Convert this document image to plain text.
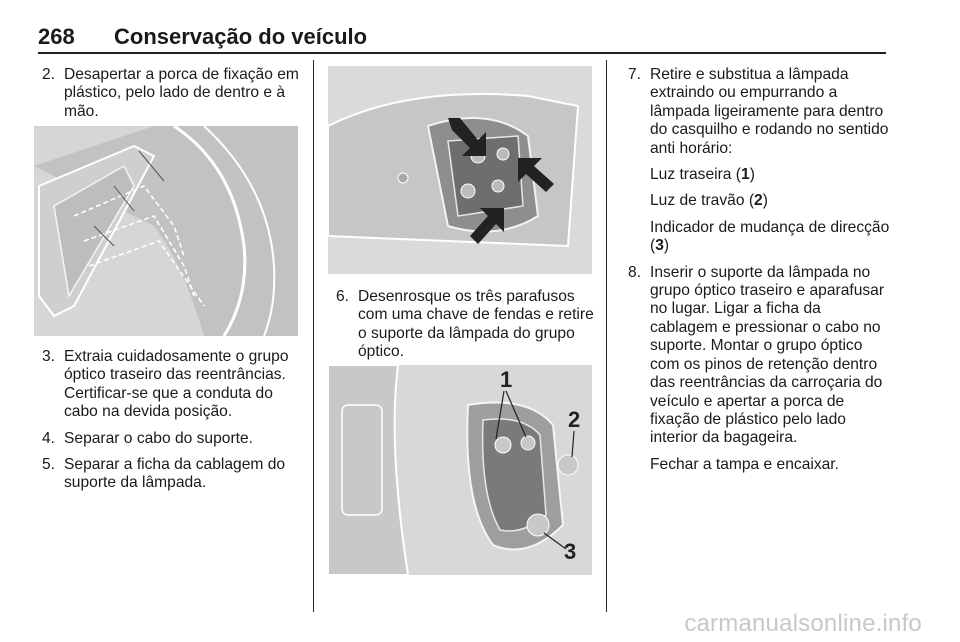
268 Conservação do veículo
2. Desapertar a porca de fixação em plástico, pelo lado de dentro e à mão.
3. Extraia cuidadosamente o grupo óptico traseiro das reentrâncias. Certificar-se que a conduta do cabo na devida posição.
4. Separar o cabo do suporte.
5. Separar a ficha da cablagem do suporte da lâmpada.
6. Desenrosque os três parafusos com uma chave de fendas e retire o suporte da lâmpada do grupo óptico.
1
2
3
7. Retire e substitua a lâmpada extraindo ou empurrando a lâmpada ligeiramente para dentro do casquilho e rodando no sentido anti horário:

Luz traseira (1)

Luz de travão (2)

Indicador de mudança de direcção (3)

8. Inserir o suporte da lâmpada no grupo óptico traseiro e aparafusar no lugar. Ligar a ficha da cablagem e pressionar o cabo no suporte. Montar o grupo óptico com os pinos de retenção dentro das reentrâncias da carroçaria do veículo e apertar a porca de fixação de plástico pelo lado interior da bagageira.

Fechar a tampa e encaixar.

carmanualsonline.info
